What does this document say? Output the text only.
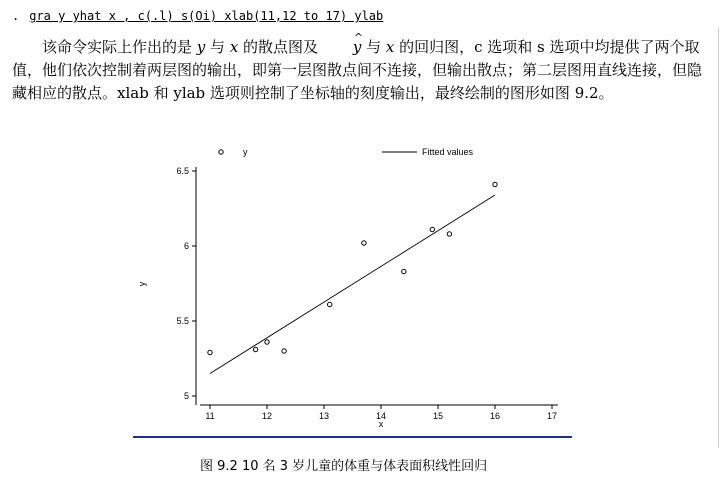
. gra y yhat x , c(.l) s(Oi) xlab(11,12 to 17) ylab
该命令实际上作出的是 y 与 x 的散点图及 ^ y 与 x 的回归图，c 选项和 s 选项中均提供了两个取值，他们依次控制着两层图的输出，即第一层图散点间不连接，但输出散点；第二层图用直线连接，但隐藏相应的散点。xlab 和 ylab 选项则控制了坐标轴的刻度输出，最终绘制的图形如图 9.2。
11	12	13	14	15	16	17
5
5.5
6
6.5
y	Fitted values
x
y
图 9.2 10 名 3 岁儿童的体重与体表面积线性回归
